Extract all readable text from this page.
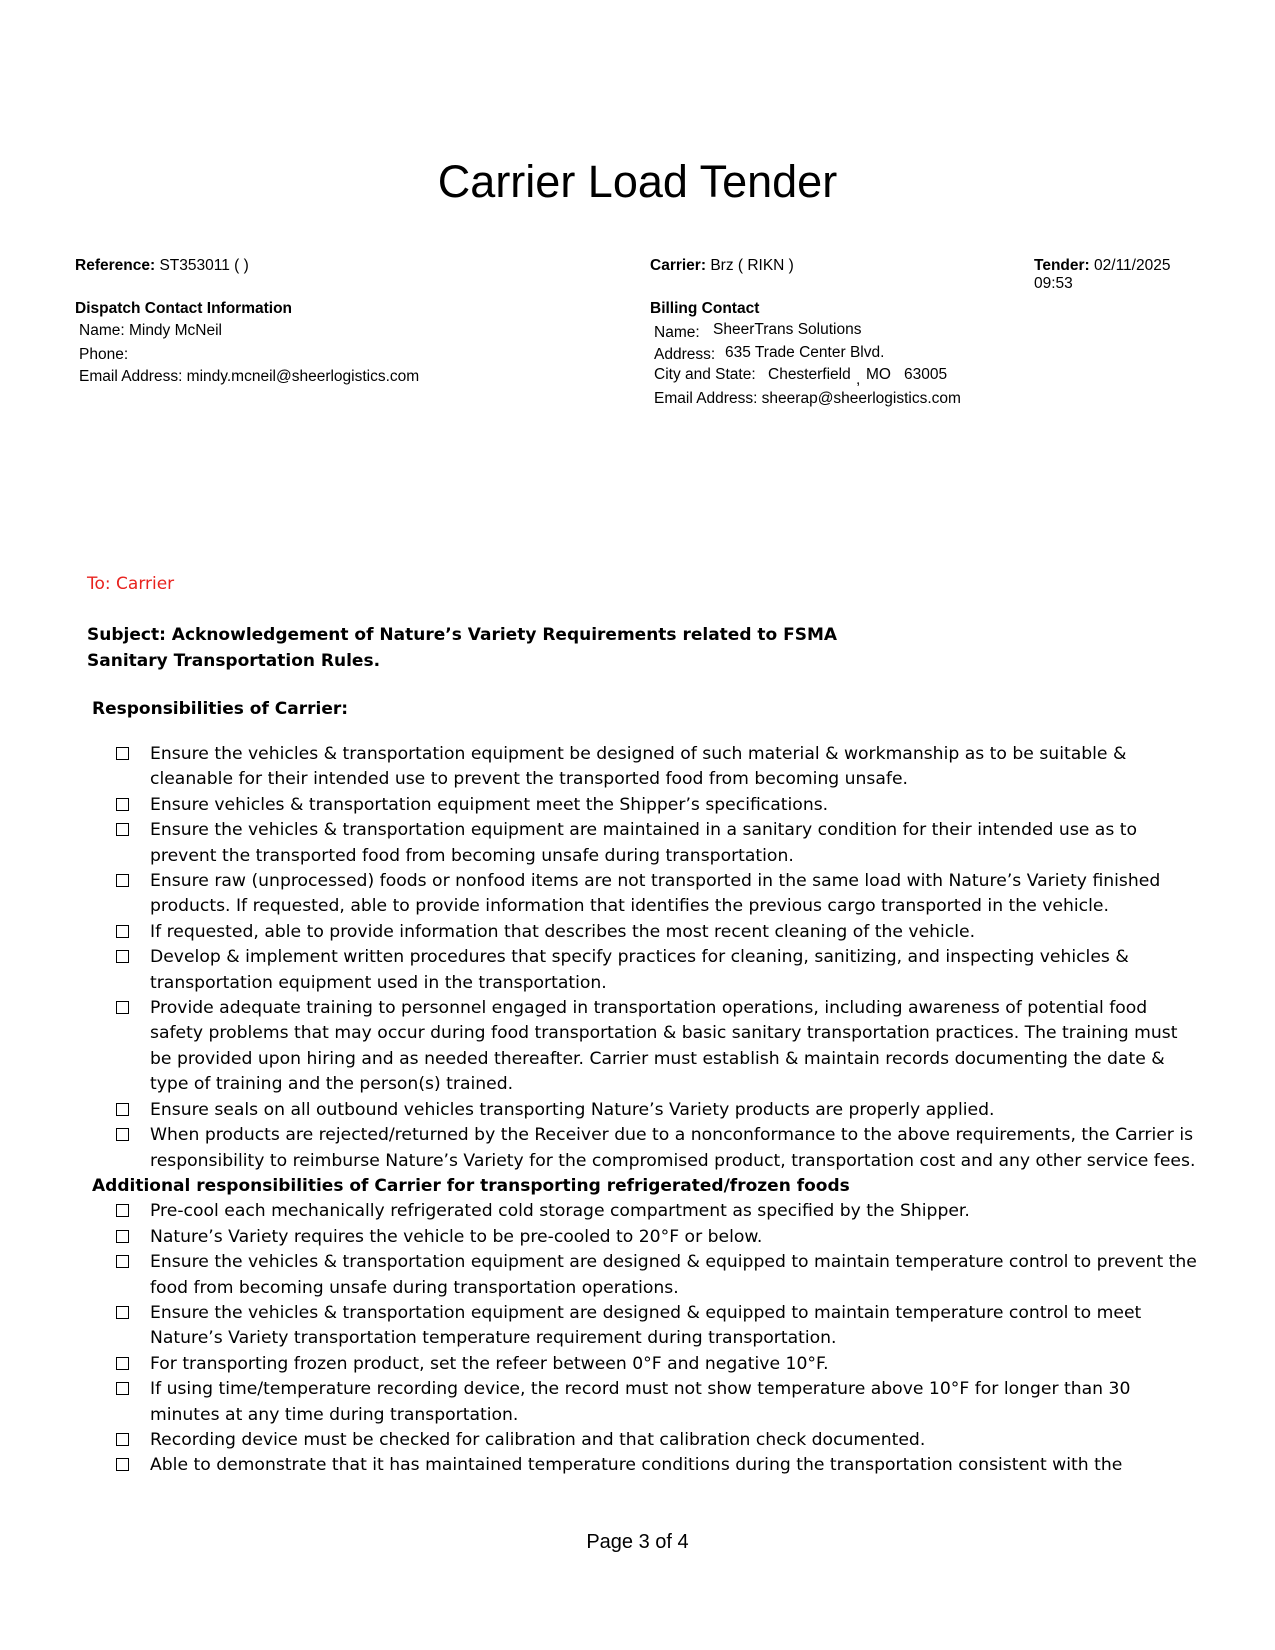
Carrier Load Tender
Reference: ST353011 ( )	Carrier: Brz ( RIKN )	Tender: 02/11/2025 09:53
Dispatch Contact Information
Name: Mindy McNeil
Phone:
Email Address: mindy.mcneil@sheerlogistics.com
Billing Contact
Name: SheerTrans Solutions
Address: 635 Trade Center Blvd.
City and State: Chesterfield , MO 63005
Email Address: sheerap@sheerlogistics.com
To: Carrier
Subject: Acknowledgement of Nature’s Variety Requirements related to FSMA Sanitary Transportation Rules.
Responsibilities of Carrier:
Ensure the vehicles & transportation equipment be designed of such material & workmanship as to be suitable & cleanable for their intended use to prevent the transported food from becoming unsafe.
Ensure vehicles & transportation equipment meet the Shipper’s specifications.
Ensure the vehicles & transportation equipment are maintained in a sanitary condition for their intended use as to prevent the transported food from becoming unsafe during transportation.
Ensure raw (unprocessed) foods or nonfood items are not transported in the same load with Nature’s Variety finished products. If requested, able to provide information that identifies the previous cargo transported in the vehicle.
If requested, able to provide information that describes the most recent cleaning of the vehicle.
Develop & implement written procedures that specify practices for cleaning, sanitizing, and inspecting vehicles & transportation equipment used in the transportation.
Provide adequate training to personnel engaged in transportation operations, including awareness of potential food safety problems that may occur during food transportation & basic sanitary transportation practices. The training must be provided upon hiring and as needed thereafter. Carrier must establish & maintain records documenting the date & type of training and the person(s) trained.
Ensure seals on all outbound vehicles transporting Nature’s Variety products are properly applied.
When products are rejected/returned by the Receiver due to a nonconformance to the above requirements, the Carrier is responsibility to reimburse Nature’s Variety for the compromised product, transportation cost and any other service fees.
Additional responsibilities of Carrier for transporting refrigerated/frozen foods
Pre-cool each mechanically refrigerated cold storage compartment as specified by the Shipper.
Nature’s Variety requires the vehicle to be pre-cooled to 20°F or below.
Ensure the vehicles & transportation equipment are designed & equipped to maintain temperature control to prevent the food from becoming unsafe during transportation operations.
Ensure the vehicles & transportation equipment are designed & equipped to maintain temperature control to meet Nature’s Variety transportation temperature requirement during transportation.
For transporting frozen product, set the refeer between 0°F and negative 10°F.
If using time/temperature recording device, the record must not show temperature above 10°F for longer than 30 minutes at any time during transportation.
Recording device must be checked for calibration and that calibration check documented.
Able to demonstrate that it has maintained temperature conditions during the transportation consistent with the
Page 3 of 4
